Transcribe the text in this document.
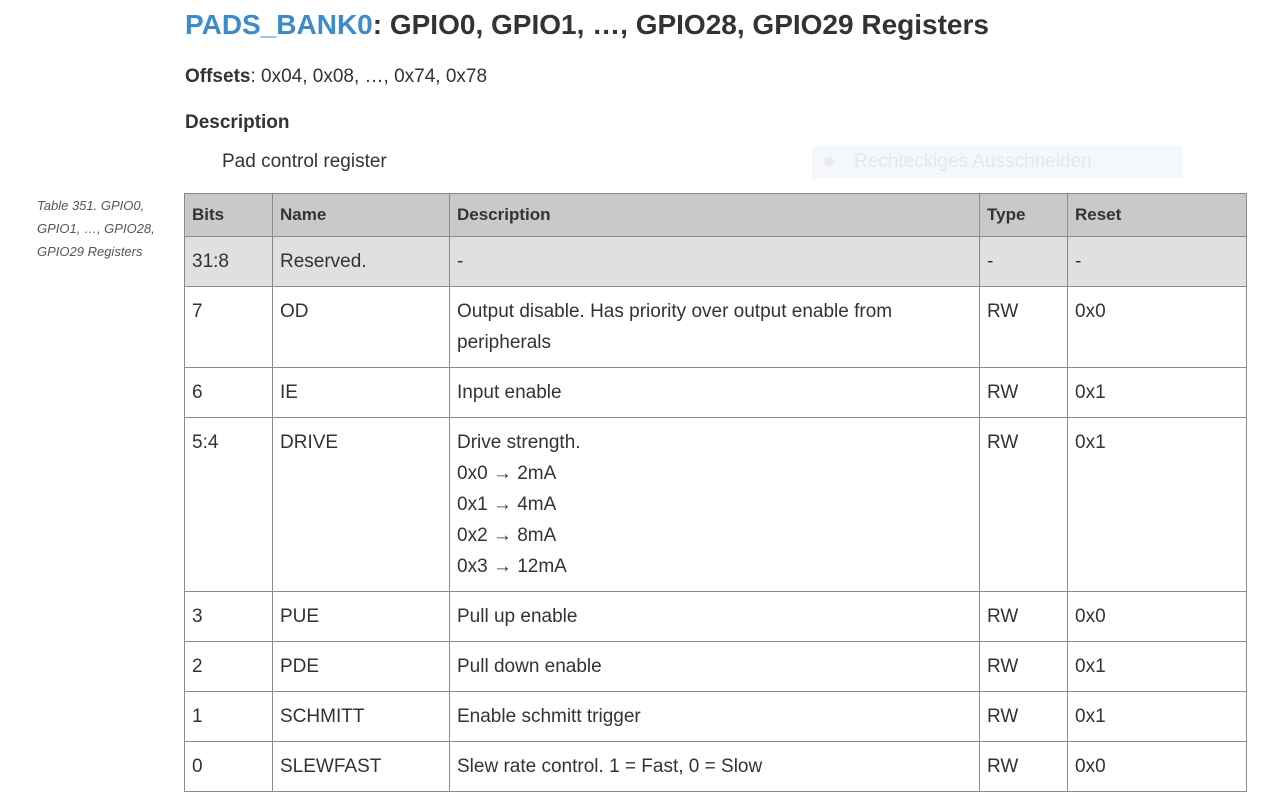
PADS_BANK0: GPIO0, GPIO1, …, GPIO28, GPIO29 Registers
Offsets: 0x04, 0x08, …, 0x74, 0x78
Description
Pad control register	Rechteckiges Ausschneiden
Table 351. GPIO0,
GPIO1, …, GPIO28,
GPIO29 Registers
Bits	Name	Description	Type	Reset
31:8	Reserved.	-	-	-
7	OD	Output disable. Has priority over output enable from
peripherals	RW	0x0
6	IE	Input enable	RW	0x1
5:4	DRIVE	Drive strength.
0x0 → 2mA
0x1 → 4mA
0x2 → 8mA
0x3 → 12mA	RW	0x1
3	PUE	Pull up enable	RW	0x0
2	PDE	Pull down enable	RW	0x1
1	SCHMITT	Enable schmitt trigger	RW	0x1
0	SLEWFAST	Slew rate control. 1 = Fast, 0 = Slow	RW	0x0
